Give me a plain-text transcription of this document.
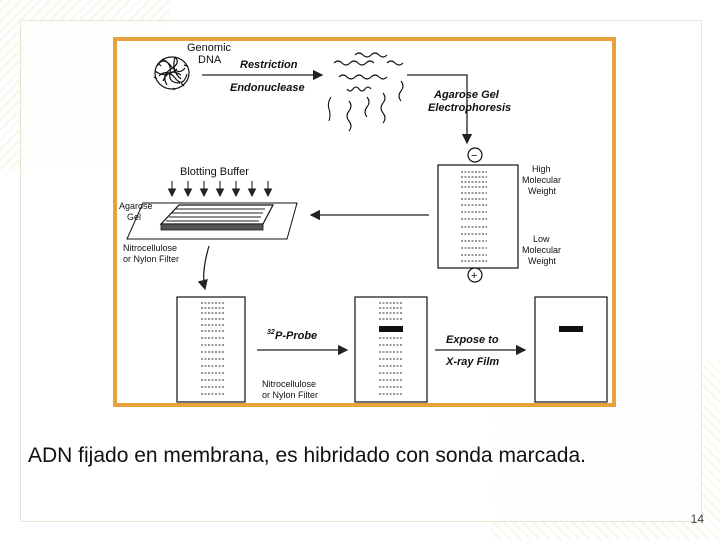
Genomic
DNA Restriction
Endonuclease
Agarose Gel
Electrophoresis
−
+
High
Molecular
Weight
Low
Molecular
Weight
Blotting Buffer
Agarose
Gel
Nitrocellulose
or Nylon Filter
32 P-Probe
Nitrocellulose
or Nylon Filter
Expose to
X-ray Film
ADN fijado en membrana, es hibridado con sonda marcada.
14
